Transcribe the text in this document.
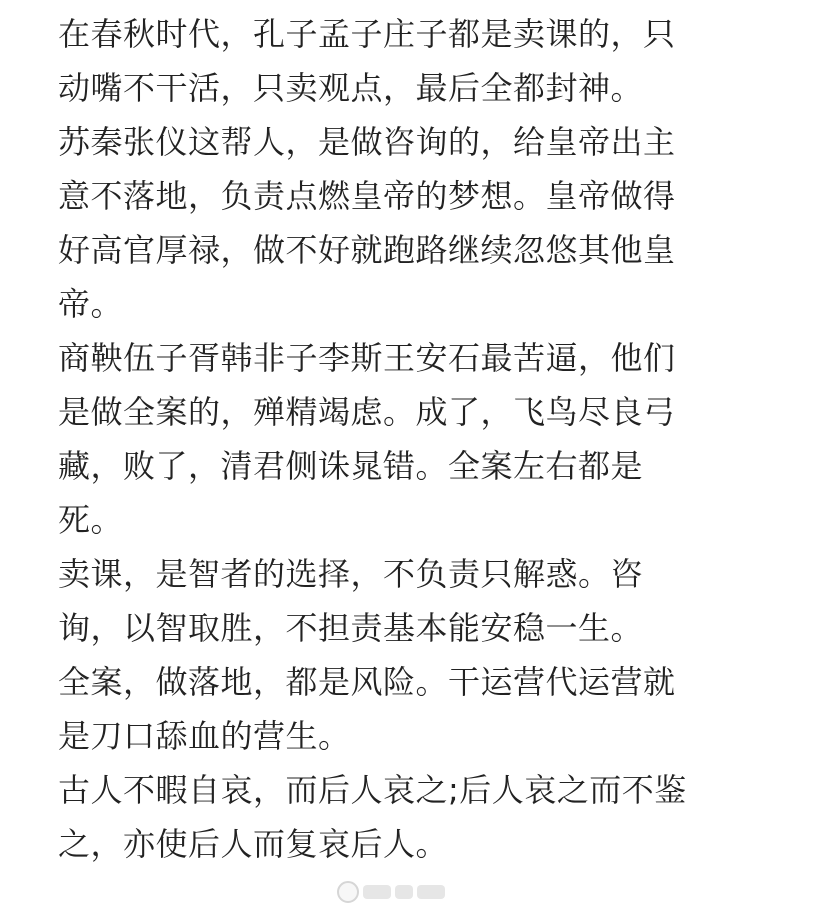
在春秋时代，孔子孟子庄子都是卖课的，只
动嘴不干活，只卖观点，最后全都封神。
苏秦张仪这帮人，是做咨询的，给皇帝出主
意不落地，负责点燃皇帝的梦想。皇帝做得
好高官厚禄，做不好就跑路继续忽悠其他皇
帝。
商鞅伍子胥韩非子李斯王安石最苦逼，他们
是做全案的，殚精竭虑。成了，飞鸟尽良弓
藏，败了，清君侧诛晁错。全案左右都是
死。
卖课，是智者的选择，不负责只解惑。咨
询，以智取胜，不担责基本能安稳一生。
全案，做落地，都是风险。干运营代运营就
是刀口舔血的营生。
古人不暇自哀，而后人哀之;后人哀之而不鉴
之，亦使后人而复哀后人。
